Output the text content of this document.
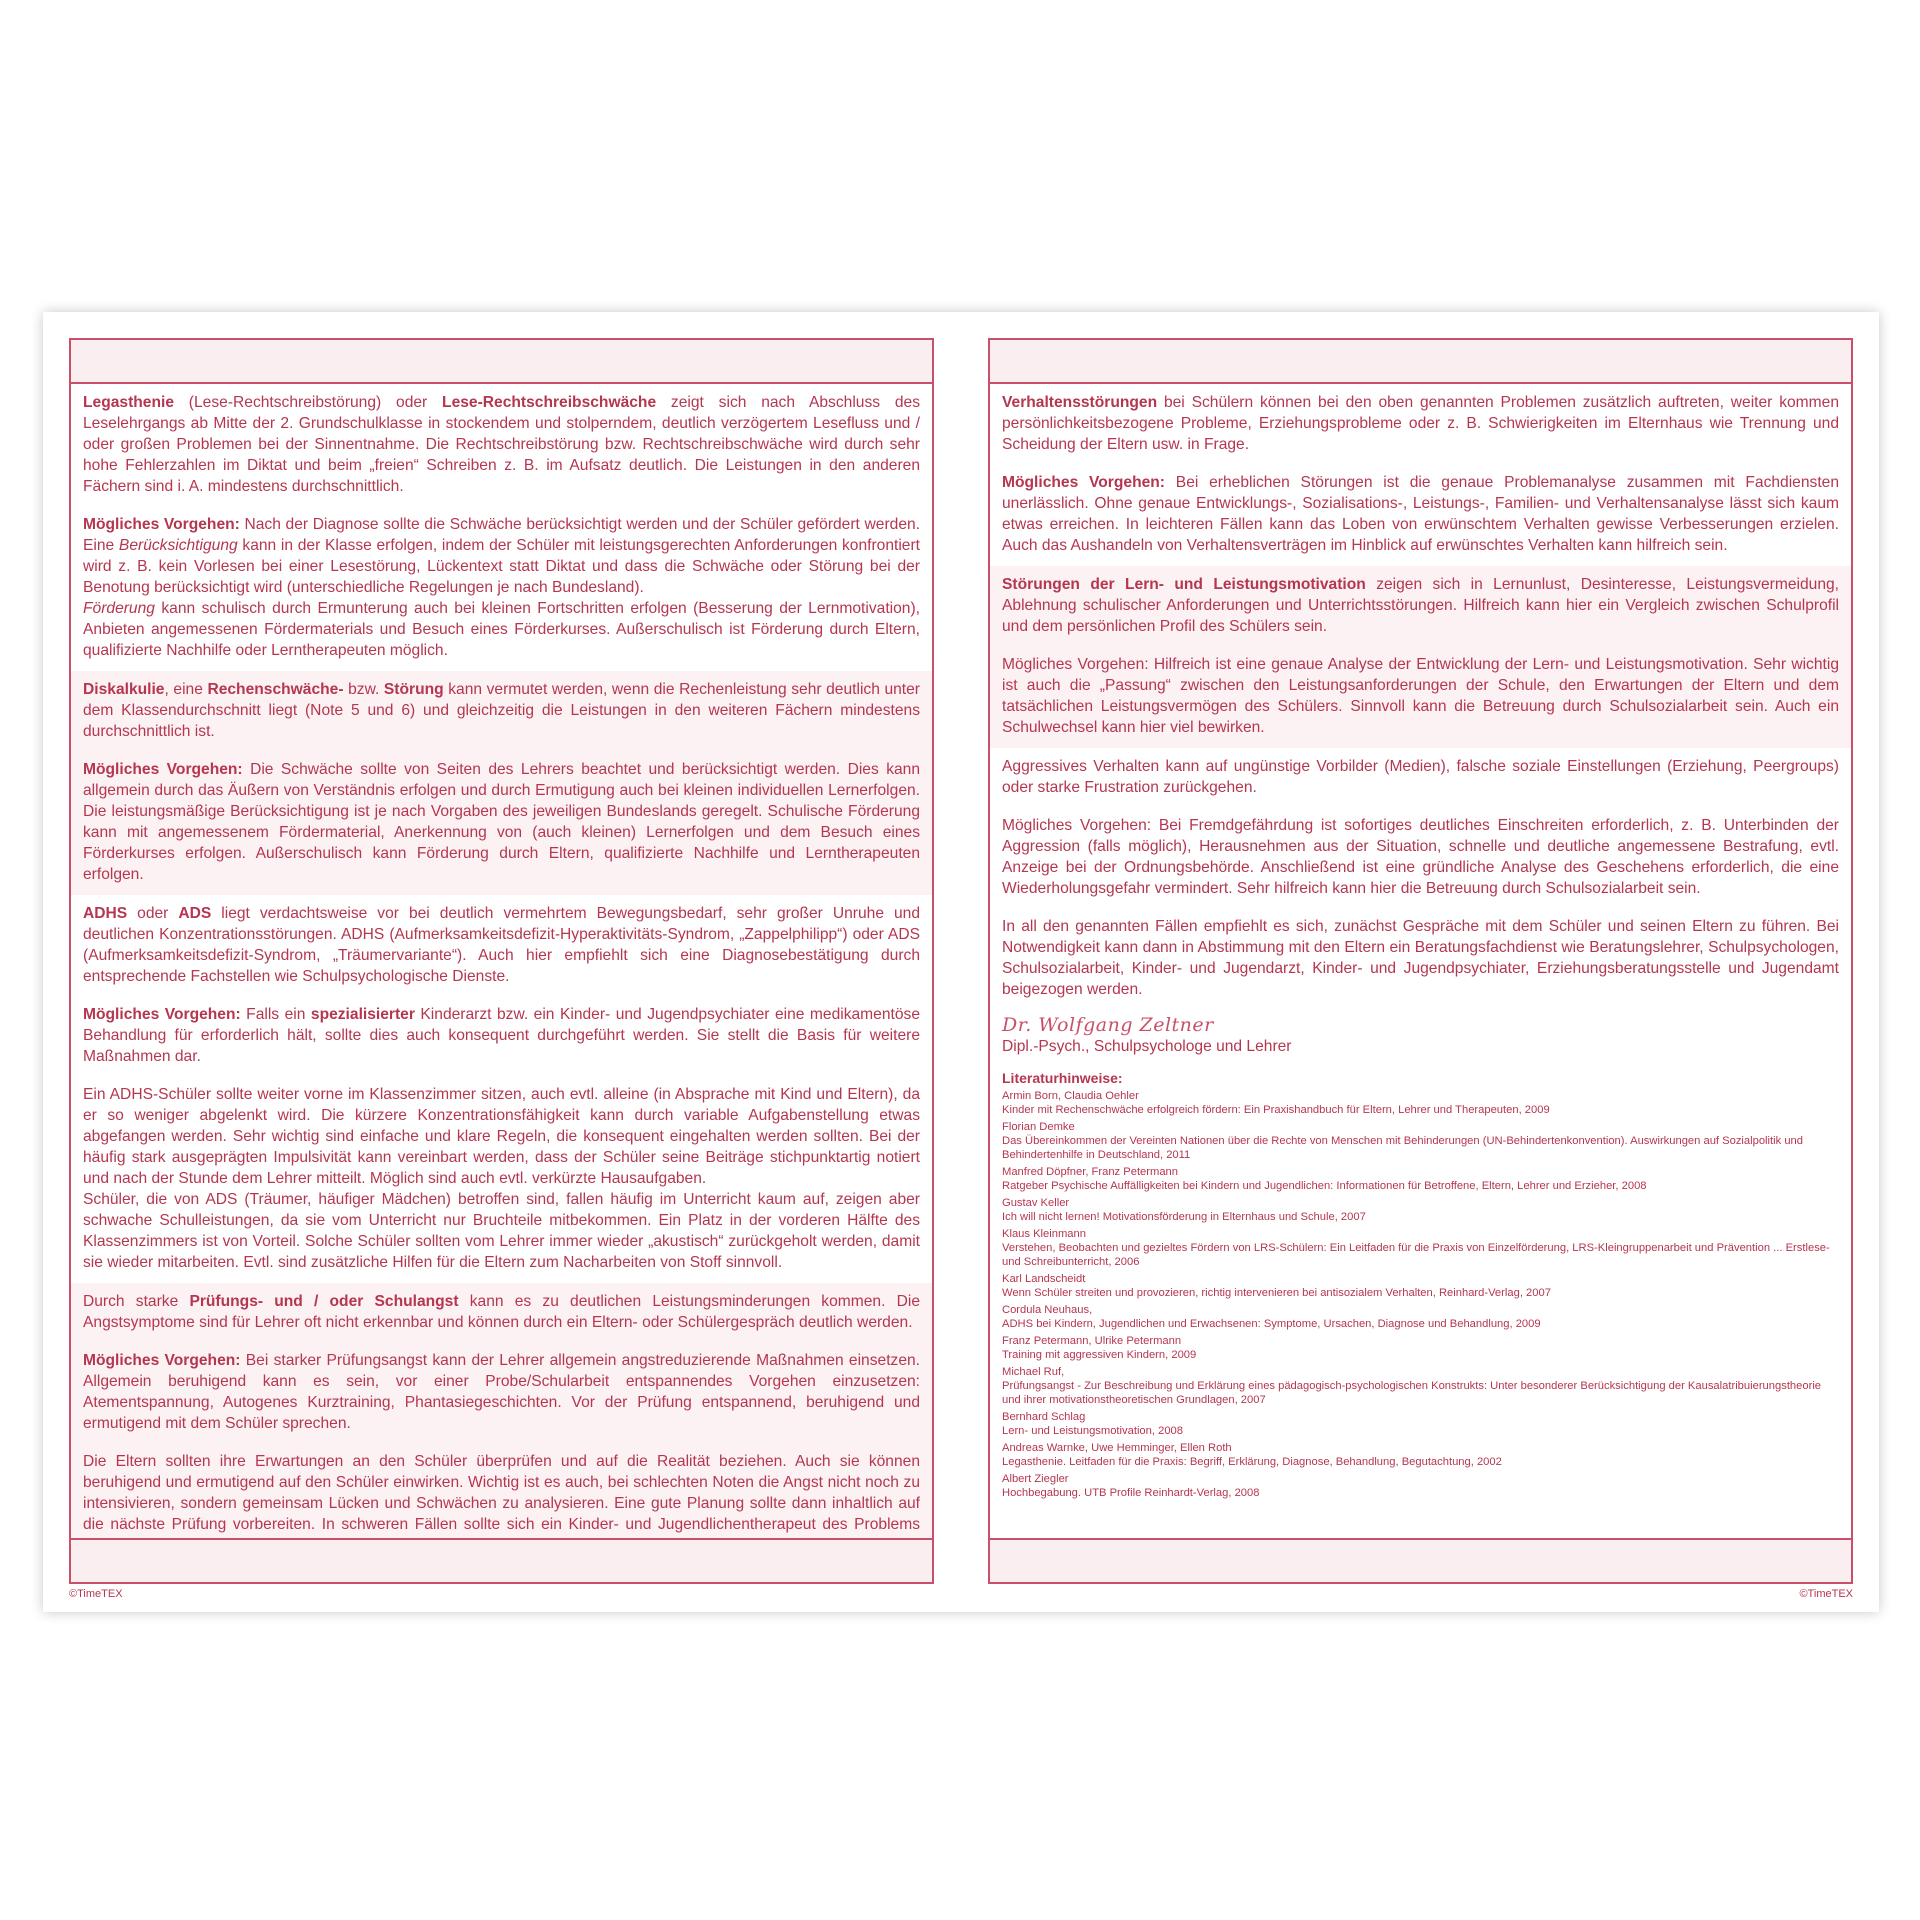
Legasthenie (Lese-Rechtschreibstörung) oder Lese-Rechtschreibschwäche zeigt sich nach Abschluss des Leselehrgangs ab Mitte der 2. Grundschulklasse in stockendem und stolperndem, deutlich verzögertem Lesefluss und / oder großen Problemen bei der Sinnentnahme. Die Rechtschreibstörung bzw. Rechtschreibschwäche wird durch sehr hohe Fehlerzahlen im Diktat und beim „freien“ Schreiben z. B. im Aufsatz deutlich. Die Leistungen in den anderen Fächern sind i. A. mindestens durchschnittlich.

Mögliches Vorgehen: Nach der Diagnose sollte die Schwäche berücksichtigt werden und der Schüler gefördert werden. Eine Berücksichtigung kann in der Klasse erfolgen, indem der Schüler mit leistungsgerechten Anforderungen konfrontiert wird z. B. kein Vorlesen bei einer Lesestörung, Lückentext statt Diktat und dass die Schwäche oder Störung bei der Benotung berücksichtigt wird (unterschiedliche Regelungen je nach Bundesland).

Förderung kann schulisch durch Ermunterung auch bei kleinen Fortschritten erfolgen (Besserung der Lernmotivation), Anbieten angemessenen Fördermaterials und Besuch eines Förderkurses. Außerschulisch ist Förderung durch Eltern, qualifizierte Nachhilfe oder Lerntherapeuten möglich.

Diskalkulie, eine Rechenschwäche- bzw. Störung kann vermutet werden, wenn die Rechenleistung sehr deutlich unter dem Klassendurchschnitt liegt (Note 5 und 6) und gleichzeitig die Leistungen in den weiteren Fächern mindestens durchschnittlich ist.

Mögliches Vorgehen: Die Schwäche sollte von Seiten des Lehrers beachtet und berücksichtigt werden. Dies kann allgemein durch das Äußern von Verständnis erfolgen und durch Ermutigung auch bei kleinen individuellen Lernerfolgen. Die leistungsmäßige Berücksichtigung ist je nach Vorgaben des jeweiligen Bundeslands geregelt. Schulische Förderung kann mit angemessenem Fördermaterial, Anerkennung von (auch kleinen) Lernerfolgen und dem Besuch eines Förderkurses erfolgen. Außerschulisch kann Förderung durch Eltern, qualifizierte Nachhilfe und Lerntherapeuten erfolgen.

ADHS oder ADS liegt verdachtsweise vor bei deutlich vermehrtem Bewegungsbedarf, sehr großer Unruhe und deutlichen Konzentrationsstörungen. ADHS (Aufmerksamkeitsdefizit-Hyperaktivitäts-Syndrom, „Zappelphilipp“) oder ADS (Aufmerksamkeitsdefizit-Syndrom, „Träumervariante“). Auch hier empfiehlt sich eine Diagnosebestätigung durch entsprechende Fachstellen wie Schulpsychologische Dienste.

Mögliches Vorgehen: Falls ein spezialisierter Kinderarzt bzw. ein Kinder- und Jugendpsychiater eine medikamentöse Behandlung für erforderlich hält, sollte dies auch konsequent durchgeführt werden. Sie stellt die Basis für weitere Maßnahmen dar.

Ein ADHS-Schüler sollte weiter vorne im Klassenzimmer sitzen, auch evtl. alleine (in Absprache mit Kind und Eltern), da er so weniger abgelenkt wird. Die kürzere Konzentrationsfähigkeit kann durch variable Aufgabenstellung etwas abgefangen werden. Sehr wichtig sind einfache und klare Regeln, die konsequent eingehalten werden sollten. Bei der häufig stark ausgeprägten Impulsivität kann vereinbart werden, dass der Schüler seine Beiträge stichpunktartig notiert und nach der Stunde dem Lehrer mitteilt. Möglich sind auch evtl. verkürzte Hausaufgaben.

Schüler, die von ADS (Träumer, häufiger Mädchen) betroffen sind, fallen häufig im Unterricht kaum auf, zeigen aber schwache Schulleistungen, da sie vom Unterricht nur Bruchteile mitbekommen. Ein Platz in der vorderen Hälfte des Klassenzimmers ist von Vorteil. Solche Schüler sollten vom Lehrer immer wieder „akustisch“ zurückgeholt werden, damit sie wieder mitarbeiten. Evtl. sind zusätzliche Hilfen für die Eltern zum Nacharbeiten von Stoff sinnvoll.

Durch starke Prüfungs- und / oder Schulangst kann es zu deutlichen Leistungsminderungen kommen. Die Angstsymptome sind für Lehrer oft nicht erkennbar und können durch ein Eltern- oder Schülergespräch deutlich werden.

Mögliches Vorgehen: Bei starker Prüfungsangst kann der Lehrer allgemein angstreduzierende Maßnahmen einsetzen. Allgemein beruhigend kann es sein, vor einer Probe/Schularbeit entspannendes Vorgehen einzusetzen: Atementspannung, Autogenes Kurztraining, Phantasiegeschichten. Vor der Prüfung entspannend, beruhigend und ermutigend mit dem Schüler sprechen.

Die Eltern sollten ihre Erwartungen an den Schüler überprüfen und auf die Realität beziehen. Auch sie können beruhigend und ermutigend auf den Schüler einwirken. Wichtig ist es auch, bei schlechten Noten die Angst nicht noch zu intensivieren, sondern gemeinsam Lücken und Schwächen zu analysieren. Eine gute Planung sollte dann inhaltlich auf die nächste Prüfung vorbereiten. In schweren Fällen sollte sich ein Kinder- und Jugendlichentherapeut des Problems

Verhaltensstörungen bei Schülern können bei den oben genannten Problemen zusätzlich auftreten, weiter kommen persönlichkeitsbezogene Probleme, Erziehungsprobleme oder z. B. Schwierigkeiten im Elternhaus wie Trennung und Scheidung der Eltern usw. in Frage.

Mögliches Vorgehen: Bei erheblichen Störungen ist die genaue Problemanalyse zusammen mit Fachdiensten unerlässlich. Ohne genaue Entwicklungs-, Sozialisations-, Leistungs-, Familien- und Verhaltensanalyse lässt sich kaum etwas erreichen. In leichteren Fällen kann das Loben von erwünschtem Verhalten gewisse Verbesserungen erzielen. Auch das Aushandeln von Verhaltensverträgen im Hinblick auf erwünschtes Verhalten kann hilfreich sein.

Störungen der Lern- und Leistungsmotivation zeigen sich in Lernunlust, Desinteresse, Leistungsvermeidung, Ablehnung schulischer Anforderungen und Unterrichtsstörungen. Hilfreich kann hier ein Vergleich zwischen Schulprofil und dem persönlichen Profil des Schülers sein.

Mögliches Vorgehen: Hilfreich ist eine genaue Analyse der Entwicklung der Lern- und Leistungsmotivation. Sehr wichtig ist auch die „Passung“ zwischen den Leistungsanforderungen der Schule, den Erwartungen der Eltern und dem tatsächlichen Leistungsvermögen des Schülers. Sinnvoll kann die Betreuung durch Schulsozialarbeit sein. Auch ein Schulwechsel kann hier viel bewirken.

Aggressives Verhalten kann auf ungünstige Vorbilder (Medien), falsche soziale Einstellungen (Erziehung, Peergroups) oder starke Frustration zurückgehen.

Mögliches Vorgehen: Bei Fremdgefährdung ist sofortiges deutliches Einschreiten erforderlich, z. B. Unterbinden der Aggression (falls möglich), Herausnehmen aus der Situation, schnelle und deutliche angemessene Bestrafung, evtl. Anzeige bei der Ordnungsbehörde. Anschließend ist eine gründliche Analyse des Geschehens erforderlich, die eine Wiederholungsgefahr vermindert. Sehr hilfreich kann hier die Betreuung durch Schulsozialarbeit sein.

In all den genannten Fällen empfiehlt es sich, zunächst Gespräche mit dem Schüler und seinen Eltern zu führen. Bei Notwendigkeit kann dann in Abstimmung mit den Eltern ein Beratungsfachdienst wie Beratungslehrer, Schulpsychologen, Schulsozialarbeit, Kinder- und Jugendarzt, Kinder- und Jugendpsychiater, Erziehungsberatungsstelle und Jugendamt beigezogen werden.

Dr. Wolfgang Zeltner
Dipl.-Psych., Schulpsychologe und Lehrer
Literaturhinweise:
Armin Born, Claudia Oehler
Kinder mit Rechenschwäche erfolgreich fördern: Ein Praxishandbuch für Eltern, Lehrer und Therapeuten, 2009
Florian Demke
Das Übereinkommen der Vereinten Nationen über die Rechte von Menschen mit Behinderungen (UN-Behindertenkonvention). Auswirkungen auf Sozialpolitik und Behindertenhilfe in Deutschland, 2011
Manfred Döpfner, Franz Petermann
Ratgeber Psychische Auffälligkeiten bei Kindern und Jugendlichen: Informationen für Betroffene, Eltern, Lehrer und Erzieher, 2008
Gustav Keller
Ich will nicht lernen! Motivationsförderung in Elternhaus und Schule, 2007
Klaus Kleinmann
Verstehen, Beobachten und gezieltes Fördern von LRS-Schülern: Ein Leitfaden für die Praxis von Einzelförderung, LRS-Kleingruppenarbeit und Prävention ... Erstlese- und Schreibunterricht, 2006
Karl Landscheidt
Wenn Schüler streiten und provozieren, richtig intervenieren bei antisozialem Verhalten, Reinhard-Verlag, 2007
Cordula Neuhaus,
ADHS bei Kindern, Jugendlichen und Erwachsenen: Symptome, Ursachen, Diagnose und Behandlung, 2009
Franz Petermann, Ulrike Petermann
Training mit aggressiven Kindern, 2009
Michael Ruf,
Prüfungsangst - Zur Beschreibung und Erklärung eines pädagogisch-psychologischen Konstrukts: Unter besonderer Berücksichtigung der Kausalatribuierungstheorie und ihrer motivationstheoretischen Grundlagen, 2007
Bernhard Schlag
Lern- und Leistungsmotivation, 2008
Andreas Warnke, Uwe Hemminger, Ellen Roth
Legasthenie. Leitfaden für die Praxis: Begriff, Erklärung, Diagnose, Behandlung, Begutachtung, 2002
Albert Ziegler
Hochbegabung. UTB Profile Reinhardt-Verlag, 2008
©TimeTEX	©TimeTEX
